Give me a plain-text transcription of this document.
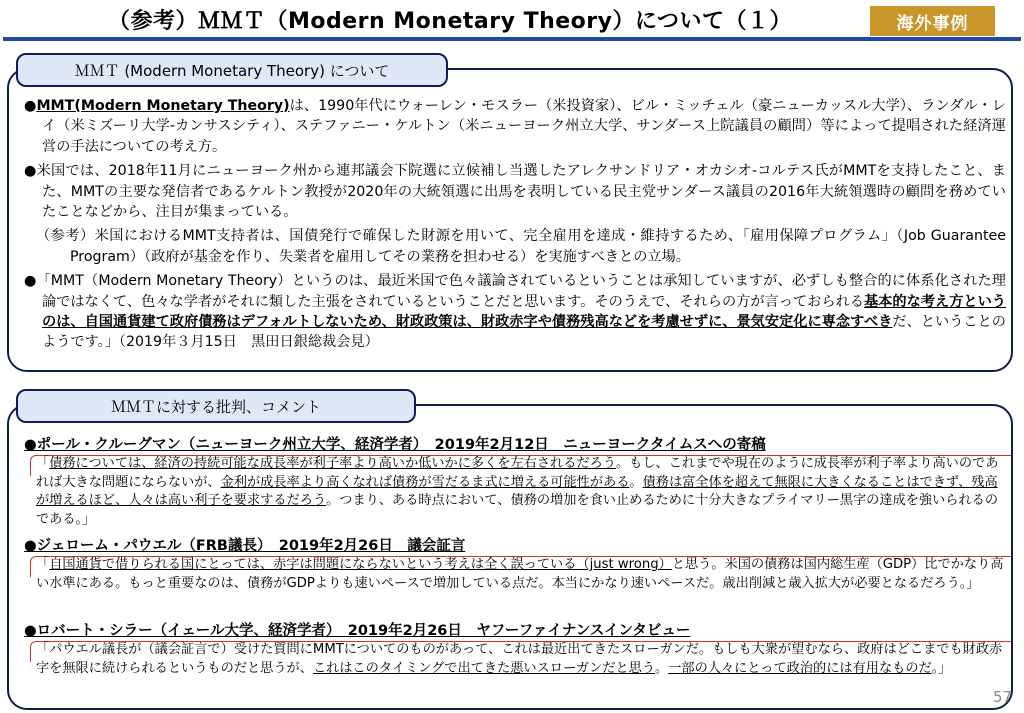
（参考）ＭＭＴ（Modern Monetary Theory）について（１）	海外事例
ＭＭＴ (Modern Monetary Theory) について

●MMT(Modern Monetary Theory)は、1990年代にウォーレン・モスラー（米投資家）、ビル・ミッチェル（豪ニューカッスル大学）、ランダル・レイ（米ミズーリ大学-カンサスシティ）、ステファニー・ケルトン（米ニューヨーク州立大学、サンダース上院議員の顧問）等によって提唱された経済運営の手法についての考え方。

●米国では、2018年11月にニューヨーク州から連邦議会下院選に立候補し当選したアレクサンドリア・オカシオ-コルテス氏がMMTを支持したこと、また、MMTの主要な発信者であるケルトン教授が2020年の大統領選に出馬を表明している民主党サンダース議員の2016年大統領選時の顧問を務めていたことなどから、注目が集まっている。

（参考）米国におけるMMT支持者は、国債発行で確保した財源を用いて、完全雇用を達成・維持するため、「雇用保障プログラム」（Job Guarantee Program）（政府が基金を作り、失業者を雇用してその業務を担わせる）を実施すべきとの立場。

●「MMT（Modern Monetary Theory）というのは、最近米国で色々議論されているということは承知していますが、必ずしも整合的に体系化された理論ではなくて、色々な学者がそれに類した主張をされているということだと思います。そのうえで、それらの方が言っておられる基本的な考え方というのは、自国通貨建て政府債務はデフォルトしないため、財政政策は、財政赤字や債務残高などを考慮せずに、景気安定化に専念すべきだ、ということのようです。」（2019年３月15日　黒田日銀総裁会見）

ＭＭＴに対する批判、コメント
●ポール・クルーグマン（ニューヨーク州立大学、経済学者）　2019年2月12日　ニューヨークタイムスへの寄稿
「債務については、経済の持続可能な成長率が利子率より高いか低いかに多くを左右されるだろう。もし、これまでや現在のように成長率が利子率より高いのであれば大きな問題にならないが、金利が成長率より高くなれば債務が雪だるま式に増える可能性がある。債務は富全体を超えて無限に大きくなることはできず、残高が増えるほど、人々は高い利子を要求するだろう。つまり、ある時点において、債務の増加を食い止めるために十分大きなプライマリー黒字の達成を強いられるのである。」
●ジェローム・パウエル（FRB議長）　2019年2月26日　議会証言
「自国通貨で借りられる国にとっては、赤字は問題にならないという考えは全く誤っている（just wrong）と思う。米国の債務は国内総生産（GDP）比でかなり高い水準にある。もっと重要なのは、債務がGDPよりも速いペースで増加している点だ。本当にかなり速いペースだ。歳出削減と歳入拡大が必要となるだろう。」
●ロバート・シラー（イェール大学、経済学者）　2019年2月26日　ヤフーファイナンスインタビュー
「パウエル議長が（議会証言で）受けた質問にMMTについてのものがあって、これは最近出てきたスローガンだ。もしも大衆が望むなら、政府はどこまでも財政赤字を無限に続けられるというものだと思うが、これはこのタイミングで出てきた悪いスローガンだと思う。一部の人々にとって政治的には有用なものだ。」
57
